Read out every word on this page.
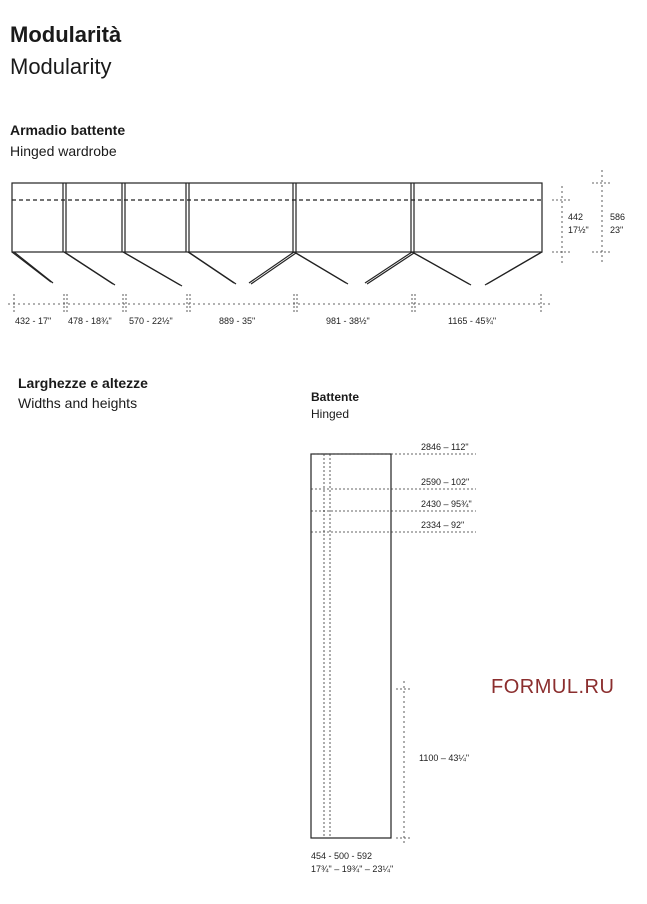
Modularità
Modularity
Armadio battente
Hinged wardrobe
442
17½"
586
23"
432 - 17" 478 - 18¾" 570 - 22½"	889 - 35"	981 - 38½"	1165 - 45¾"
Larghezze e altezze
Widths and heights	Battente
Hinged
2846 – 112"
2590 – 102"
2430 – 95¾"
2334 – 92"
1100 – 43¼"
454 - 500 - 592
17¾" – 19¾" – 23¼"
FORMUL.RU
